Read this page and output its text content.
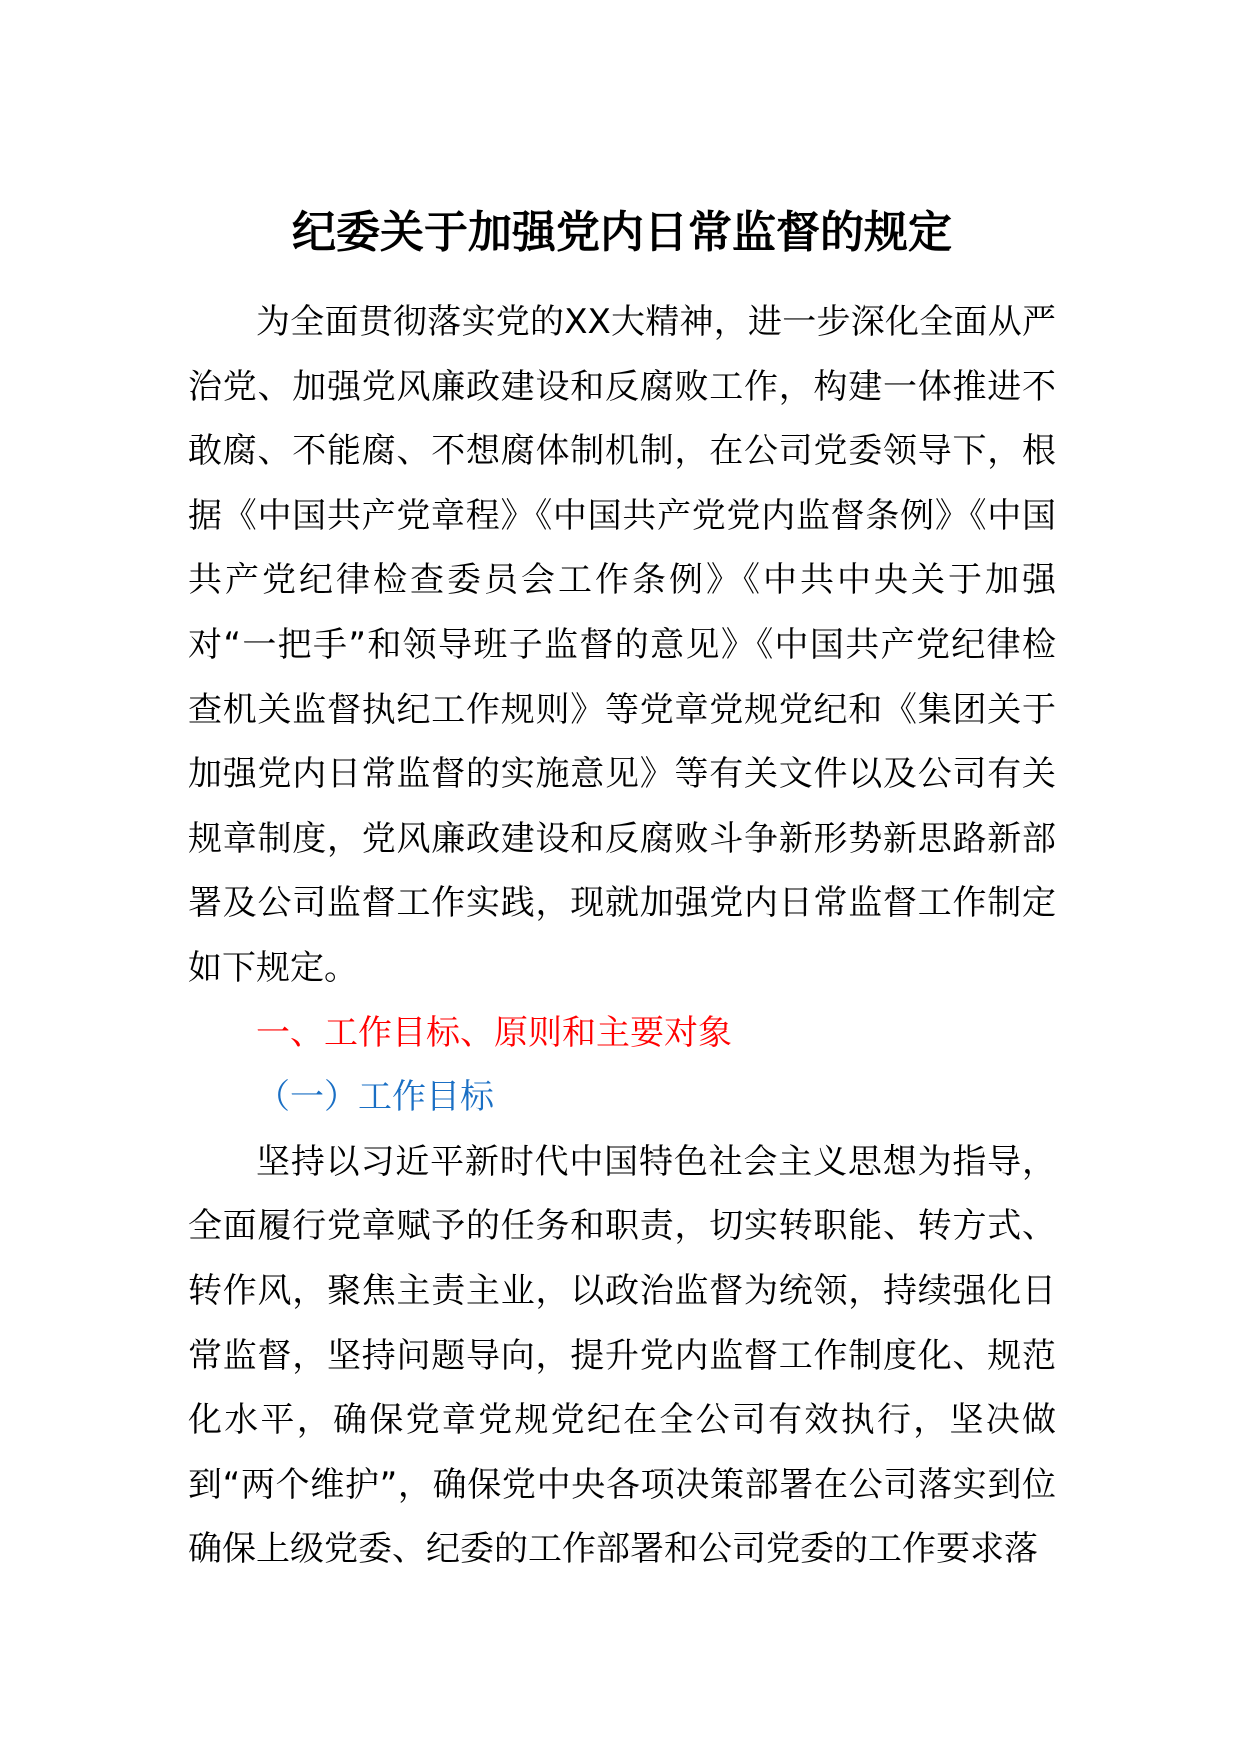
纪委关于加强党内日常监督的规定

为全面贯彻落实党的XX大精神，进一步深化全面从严治党、加强党风廉政建设和反腐败工作，构建一体推进不敢腐、不能腐、不想腐体制机制，在公司党委领导下，根据《中国共产党章程》《中国共产党党内监督条例》《中国共产党纪律检查委员会工作条例》《中共中央关于加强对“一把手”和领导班子监督的意见》《中国共产党纪律检查机关监督执纪工作规则》等党章党规党纪和《集团关于加强党内日常监督的实施意见》等有关文件以及公司有关规章制度，党风廉政建设和反腐败斗争新形势新思路新部署及公司监督工作实践，现就加强党内日常监督工作制定如下规定。

一、工作目标、原则和主要对象

（一）工作目标

坚持以习近平新时代中国特色社会主义思想为指导，全面履行党章赋予的任务和职责，切实转职能、转方式、转作风，聚焦主责主业，以政治监督为统领，持续强化日常监督，坚持问题导向，提升党内监督工作制度化、规范化水平，确保党章党规党纪在全公司有效执行，坚决做到“两个维护”，确保党中央各项决策部署在公司落实到位确保上级党委、纪委的工作部署和公司党委的工作要求落
